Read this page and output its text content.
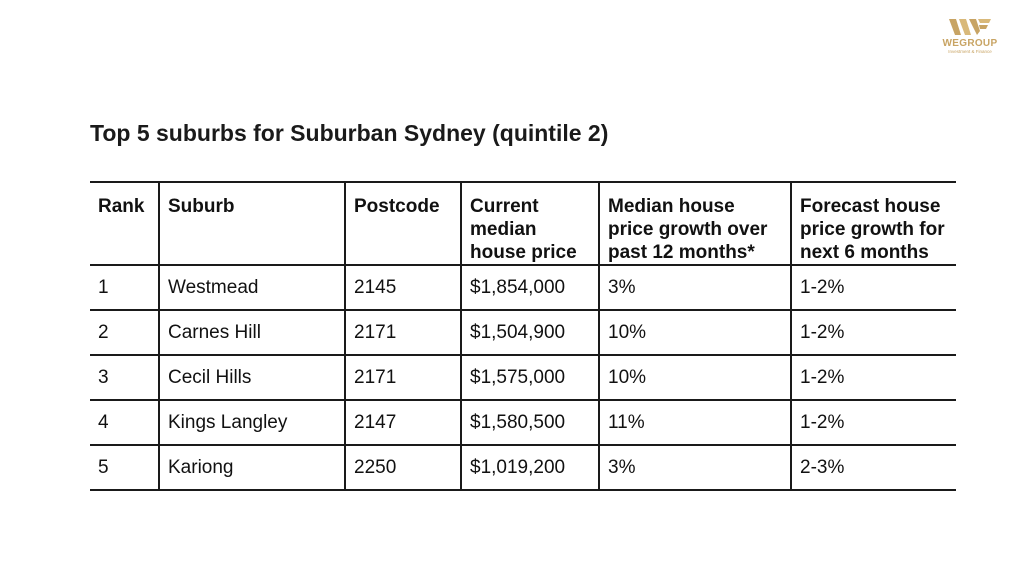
WEGROUP
Investment & Finance
Top 5 suburbs for Suburban Sydney (quintile 2)
Rank	Suburb	Postcode	Current
median
house price	Median house
price growth over
past 12 months*	Forecast house
price growth for
next 6 months
1	Westmead	2145	$1,854,000	3%	1-2%
2	Carnes Hill	2171	$1,504,900	10%	1-2%
3	Cecil Hills	2171	$1,575,000	10%	1-2%
4	Kings Langley	2147	$1,580,500	11%	1-2%
5	Kariong	2250	$1,019,200	3%	2-3%
